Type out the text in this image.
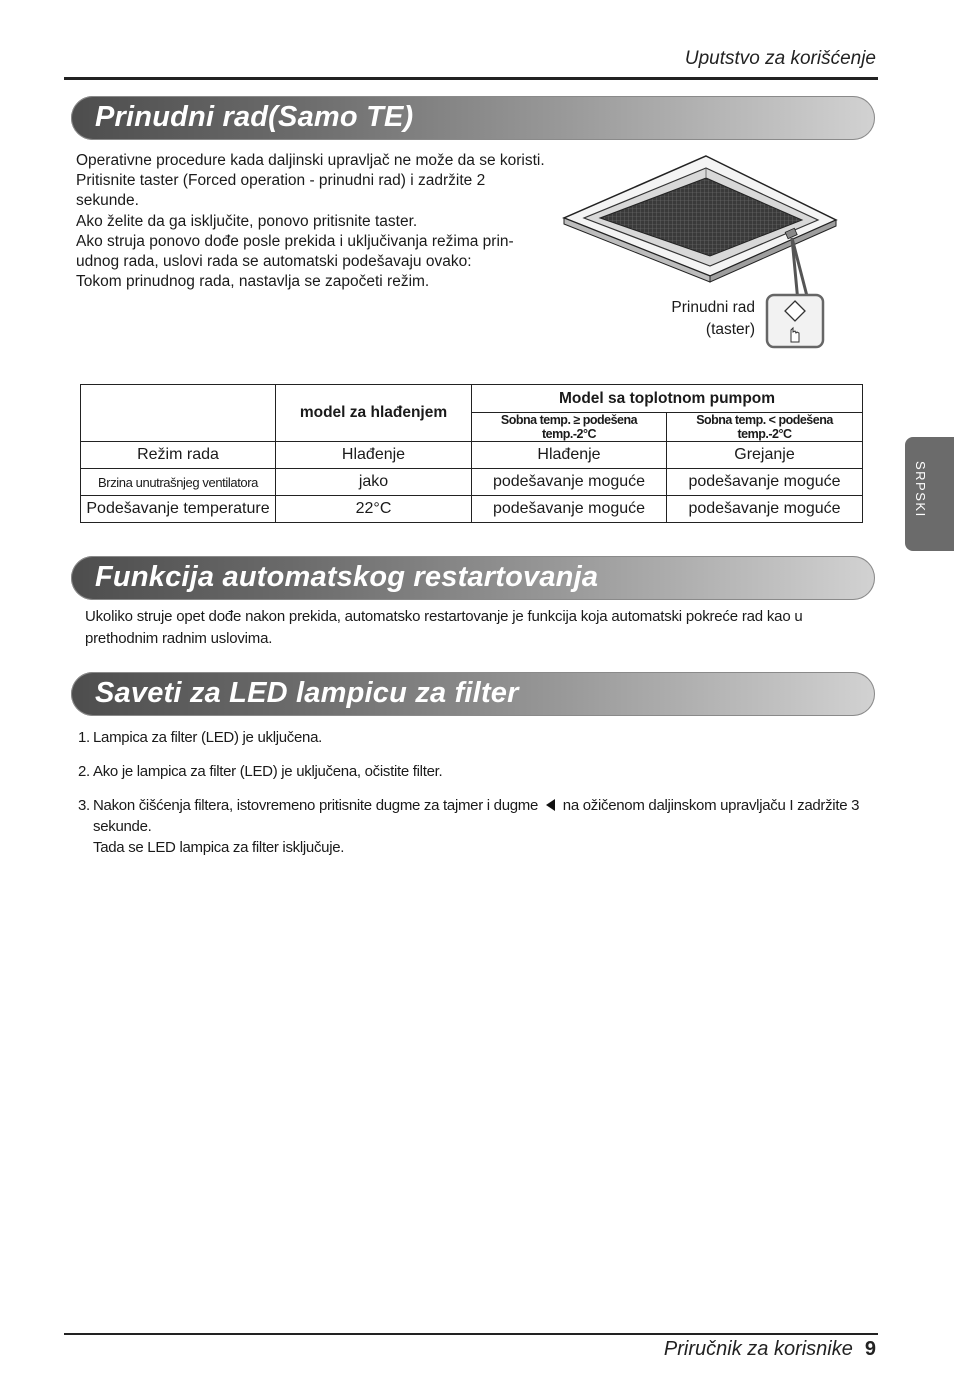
Uputstvo za korišćenje
Prinudni rad(Samo TE)
Operativne procedure kada daljinski upravljač ne može da se koristi.
Pritisnite taster (Forced operation - prinudni rad) i zadržite 2
sekunde.
Ako želite da ga isključite, ponovo pritisnite taster.
Ako struja ponovo dođe posle prekida i uključivanja režima prin-
udnog rada, uslovi rada se automatski podešavaju ovako:
Tokom prinudnog rada, nastavlja se započeti režim.
Prinudni rad
(taster)
	model za hlađenjem	Model sa toplotnom pumpom	
		Sobna temp. ≥ podešena temp.-2°C	Sobna temp. < podešena temp.-2°C
Režim rada	Hlađenje	Hlađenje	Grejanje
Brzina unutrašnjeg ventilatora	jako	podešavanje moguće	podešavanje moguće
Podešavanje temperature	22°C	podešavanje moguće	podešavanje moguće
Funkcija automatskog restartovanja
Ukoliko struje opet dođe nakon prekida, automatsko restartovanje je funkcija koja automatski pokreće rad kao u
prethodnim radnim uslovima.
Saveti za LED lampicu za filter
1. Lampica za filter (LED) je uključena.
2. Ako je lampica za filter (LED) je uključena, očistite filter.
3. Nakon čišćenja filtera, istovremeno pritisnite dugme za tajmer i dugme na ožičenom daljinskom upravljaču I zadržite 3
sekunde.
Tada se LED lampica za filter isključuje.
SRPSKI
Priručnik za korisnike 9
